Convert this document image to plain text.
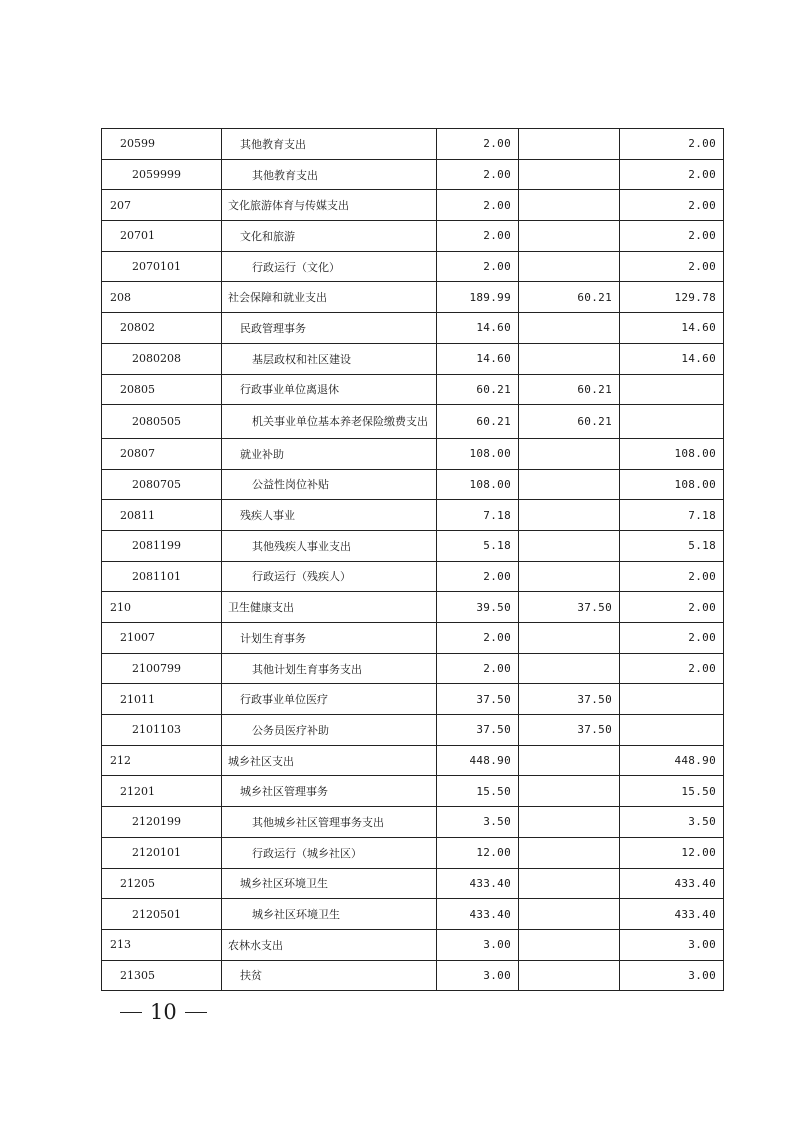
20599	其他教育支出	2.00		2.00
2059999	其他教育支出	2.00		2.00
207	文化旅游体育与传媒支出	2.00		2.00
20701	文化和旅游	2.00		2.00
2070101	行政运行（文化）	2.00		2.00
208	社会保障和就业支出	189.99	60.21	129.78
20802	民政管理事务	14.60		14.60
2080208	基层政权和社区建设	14.60		14.60
20805	行政事业单位离退休	60.21	60.21	
2080505	机关事业单位基本养老保险缴费支出	60.21	60.21	
20807	就业补助	108.00		108.00
2080705	公益性岗位补贴	108.00		108.00
20811	残疾人事业	7.18		7.18
2081199	其他残疾人事业支出	5.18		5.18
2081101	行政运行（残疾人）	2.00		2.00
210	卫生健康支出	39.50	37.50	2.00
21007	计划生育事务	2.00		2.00
2100799	其他计划生育事务支出	2.00		2.00
21011	行政事业单位医疗	37.50	37.50	
2101103	公务员医疗补助	37.50	37.50	
212	城乡社区支出	448.90		448.90
21201	城乡社区管理事务	15.50		15.50
2120199	其他城乡社区管理事务支出	3.50		3.50
2120101	行政运行（城乡社区）	12.00		12.00
21205	城乡社区环境卫生	433.40		433.40
2120501	城乡社区环境卫生	433.40		433.40
213	农林水支出	3.00		3.00
21305	扶贫	3.00		3.00
10
